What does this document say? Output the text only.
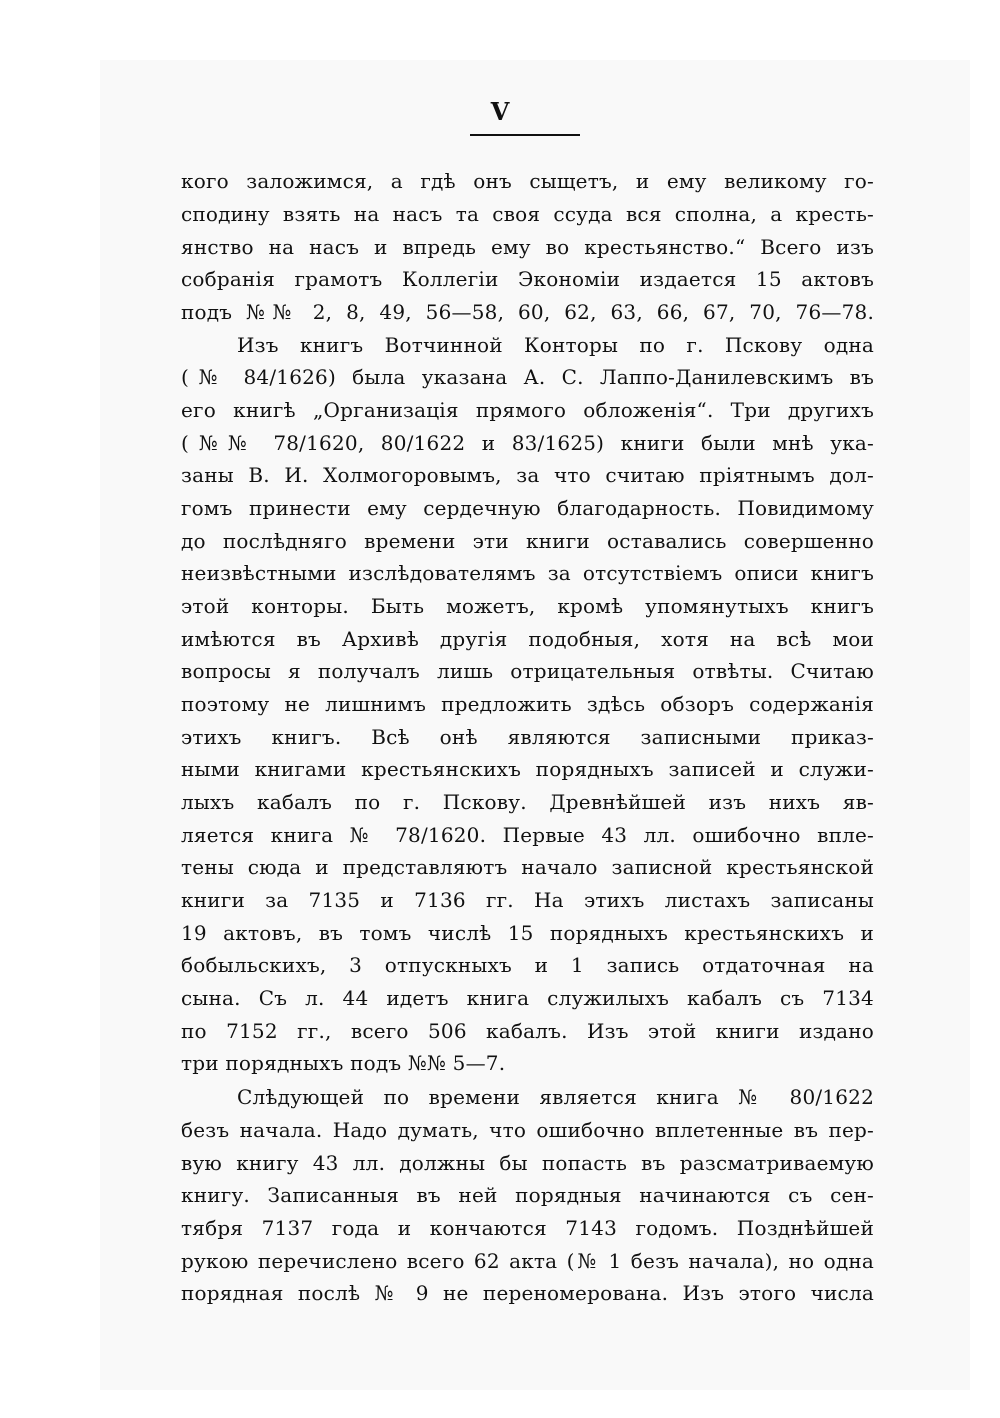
V
кого заложимся, а гдѣ онъ сыщетъ, и ему великому го-
сподину взять на насъ та своя ссуда вся сполна, а кресть-
янство на насъ и впредь ему во крестьянство.“ Всего изъ
собранія грамотъ Коллегіи Экономіи издается 15 актовъ
подъ №№ 2, 8, 49, 56—58, 60, 62, 63, 66, 67, 70, 76—78.
Изъ книгъ Вотчинной Конторы по г. Пскову одна
(№ 84/1626) была указана А. С. Лаппо-Данилевскимъ въ
его книгѣ „Организація прямого обложенія“. Три другихъ
(№№ 78/1620, 80/1622 и 83/1625) книги были мнѣ ука-
заны В. И. Холмогоровымъ, за что считаю пріятнымъ дол-
гомъ принести ему сердечную благодарность. Повидимому
до послѣдняго времени эти книги оставались совершенно
неизвѣстными изслѣдователямъ за отсутствіемъ описи книгъ
этой конторы. Быть можетъ, кромѣ упомянутыхъ книгъ
имѣются въ Архивѣ другія подобныя, хотя на всѣ мои
вопросы я получалъ лишь отрицательныя отвѣты. Считаю
поэтому не лишнимъ предложить здѣсь обзоръ содержанія
этихъ книгъ. Всѣ онѣ являются записными приказ-
ными книгами крестьянскихъ порядныхъ записей и служи-
лыхъ кабалъ по г. Пскову. Древнѣйшей изъ нихъ яв-
ляется книга № 78/1620. Первые 43 лл. ошибочно впле-
тены сюда и представляютъ начало записной крестьянской
книги за 7135 и 7136 гг. На этихъ листахъ записаны
19 актовъ, въ томъ числѣ 15 порядныхъ крестьянскихъ и
бобыльскихъ, 3 отпускныхъ и 1 запись отдаточная на
сына. Съ л. 44 идетъ книга служилыхъ кабалъ съ 7134
по 7152 гг., всего 506 кабалъ. Изъ этой книги издано
три порядныхъ подъ №№ 5—7.
Слѣдующей по времени является книга № 80/1622
безъ начала. Надо думать, что ошибочно вплетенные въ пер-
вую книгу 43 лл. должны бы попасть въ разсматриваемую
книгу. Записанныя въ ней порядныя начинаются съ сен-
тября 7137 года и кончаются 7143 годомъ. Позднѣйшей
рукою перечислено всего 62 акта (№ 1 безъ начала), но одна
порядная послѣ № 9 не переномерована. Изъ этого числа
